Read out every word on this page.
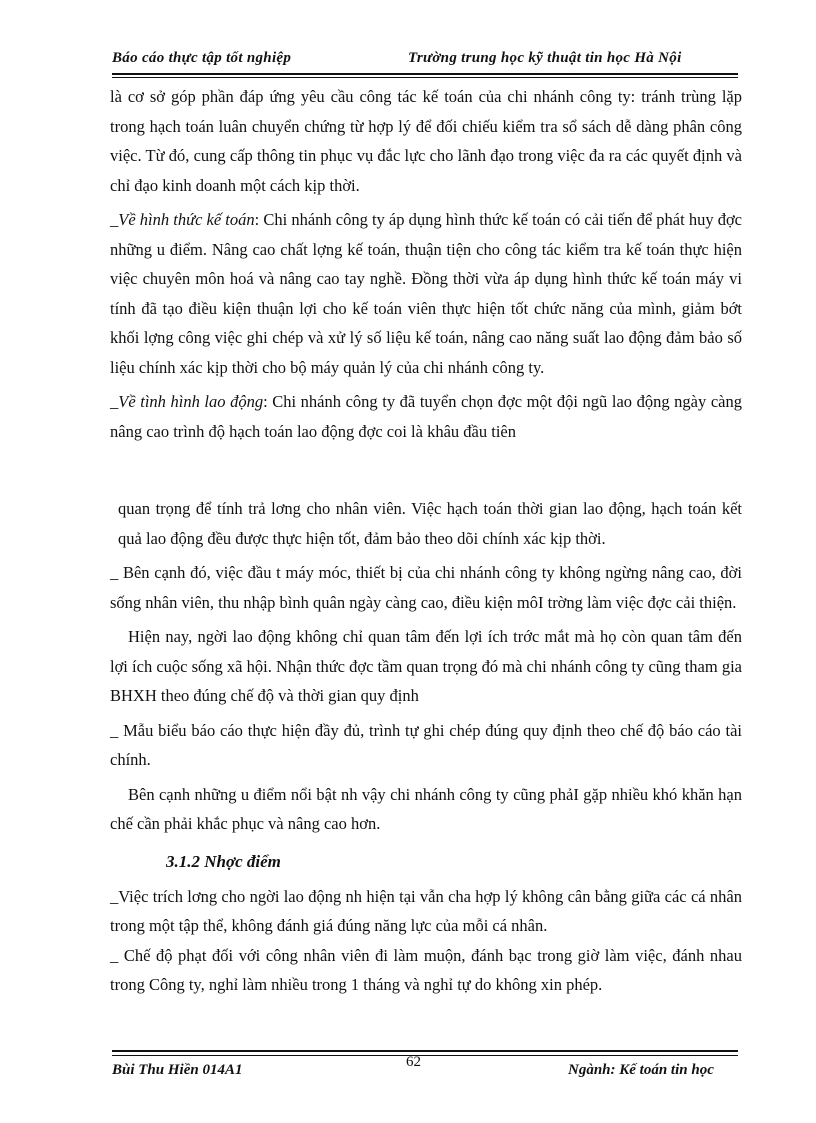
Báo cáo thực tập tốt nghiệp	Trường trung học kỹ thuật tin học Hà Nội

là cơ sở góp phần đáp ứng yêu cầu công tác kế toán của chi nhánh công ty: tránh trùng lặp trong hạch toán luân chuyển chứng từ hợp lý để đối chiếu kiểm tra sổ sách dễ dàng phân công việc. Từ đó, cung cấp thông tin phục vụ đắc lực cho lãnh đạo trong việc đa ra các quyết định và chỉ đạo kinh doanh một cách kịp thời.

_Về hình thức kế toán: Chi nhánh công ty áp dụng hình thức kế toán có cải tiến để phát huy đợc những u điểm. Nâng cao chất lợng kế toán, thuận tiện cho công tác kiểm tra kế toán thực hiện việc chuyên môn hoá và nâng cao tay nghề. Đồng thời vừa áp dụng hình thức kế toán máy vi tính đã tạo điều kiện thuận lợi cho kế toán viên thực hiện tốt chức năng của mình, giảm bớt khối lợng công việc ghi chép và xử lý số liệu kế toán, nâng cao năng suất lao động đảm bảo số liệu chính xác kịp thời cho bộ máy quản lý của chi nhánh công ty.

_Về tình hình lao động: Chi nhánh công ty đã tuyển chọn đợc một đội ngũ lao động ngày càng nâng cao trình độ hạch toán lao động đợc coi là khâu đầu tiên

quan trọng để tính trả lơng cho nhân viên. Việc hạch toán thời gian lao động, hạch toán kết quả lao động đều được thực hiện tốt, đảm bảo theo dõi chính xác kịp thời.

_ Bên cạnh đó, việc đầu t máy móc, thiết bị của chi nhánh công ty không ngừng nâng cao, đời sống nhân viên, thu nhập bình quân ngày càng cao, điều kiện môI trờng làm việc đợc cải thiện.

Hiện nay, ngời lao động không chỉ quan tâm đến lợi ích trớc mắt mà họ còn quan tâm đến lợi ích cuộc sống xã hội. Nhận thức đợc tầm quan trọng đó mà chi nhánh công ty cũng tham gia BHXH theo đúng chế độ và thời gian quy định

_ Mẫu biểu báo cáo thực hiện đầy đủ, trình tự ghi chép đúng quy định theo chế độ báo cáo tài chính.

Bên cạnh những u điểm nổi bật nh vậy chi nhánh công ty cũng phảI gặp nhiều khó khăn hạn chế cần phải khắc phục và nâng cao hơn.

3.1.2 Nhợc điểm

_Việc trích lơng cho ngời lao động nh hiện tại vẫn cha hợp lý không cân bằng giữa các cá nhân trong một tập thể, không đánh giá đúng năng lực của mỗi cá nhân.

_ Chế độ phạt đối với công nhân viên đi làm muộn, đánh bạc trong giờ làm việc, đánh nhau trong Công ty, nghỉ làm nhiều trong 1 tháng và nghỉ tự do không xin phép.

Bùi Thu Hiền 014A1	62	Ngành: Kế toán tin học
